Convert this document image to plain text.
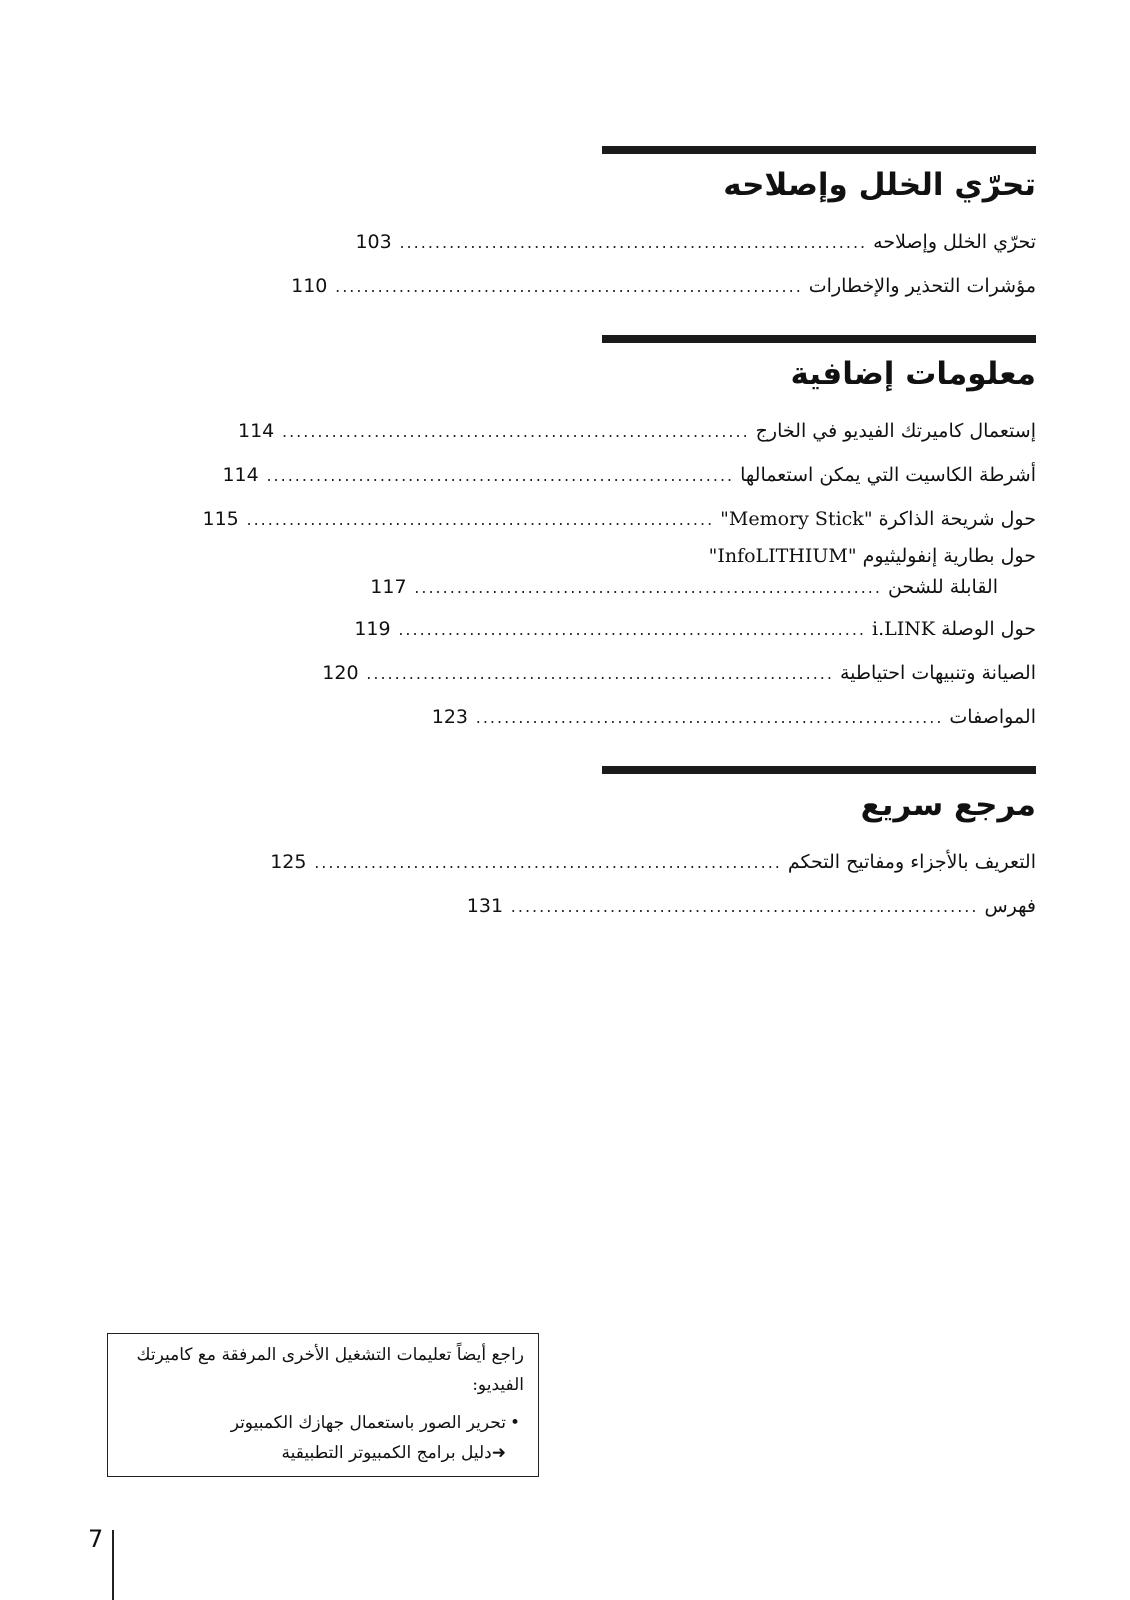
تحرّي الخلل وإصلاحه
تحرّي الخلل وإصلاحه
..................................................................
103
مؤشرات التحذير والإخطارات
..................................................................
110
معلومات إضافية
إستعمال كاميرتك الفيديو في الخارج
..................................................................
114
أشرطة الكاسيت التي يمكن استعمالها
..................................................................
114
حول شريحة الذاكرة "Memory Stick"
..................................................................
115
حول بطارية إنفوليثيوم "InfoLITHIUM"
القابلة للشحن
..................................................................
117
حول الوصلة i.LINK
..................................................................
119
الصيانة وتنبيهات احتياطية
..................................................................
120
المواصفات
..................................................................
123
مرجع سريع
التعريف بالأجزاء ومفاتيح التحكم
..................................................................
125
فهرس
..................................................................
131
راجع أيضاً تعليمات التشغيل الأخرى المرفقة مع كاميرتك الفيديو:
•تحرير الصور باستعمال جهازك الكمبيوتر
➜دليل برامج الكمبيوتر التطبيقية
7
